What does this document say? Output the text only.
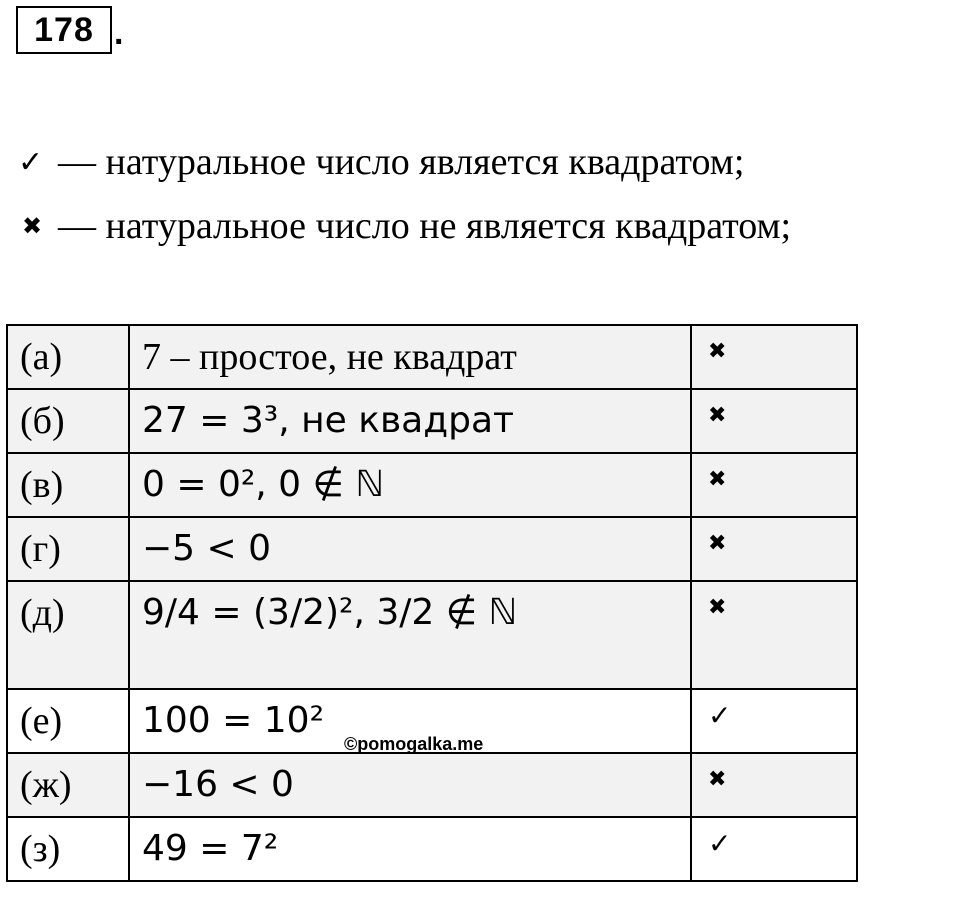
178 .
✓ — натуральное число является квадратом;
✖ — натуральное число не является квадратом;
(а)	7 – простое, не квадрат	✖
(б)	27 = 3³, не квадрат	✖
(в)	0 = 0², 0 ∉ ℕ	✖
(г)	−5 < 0	✖
(д)	9/4 = (3/2)², 3/2 ∉ ℕ	✖
(е)	100 = 10²	✓
(ж)	−16 < 0	✖
(з)	49 = 7²	✓
©pomogalka.me
